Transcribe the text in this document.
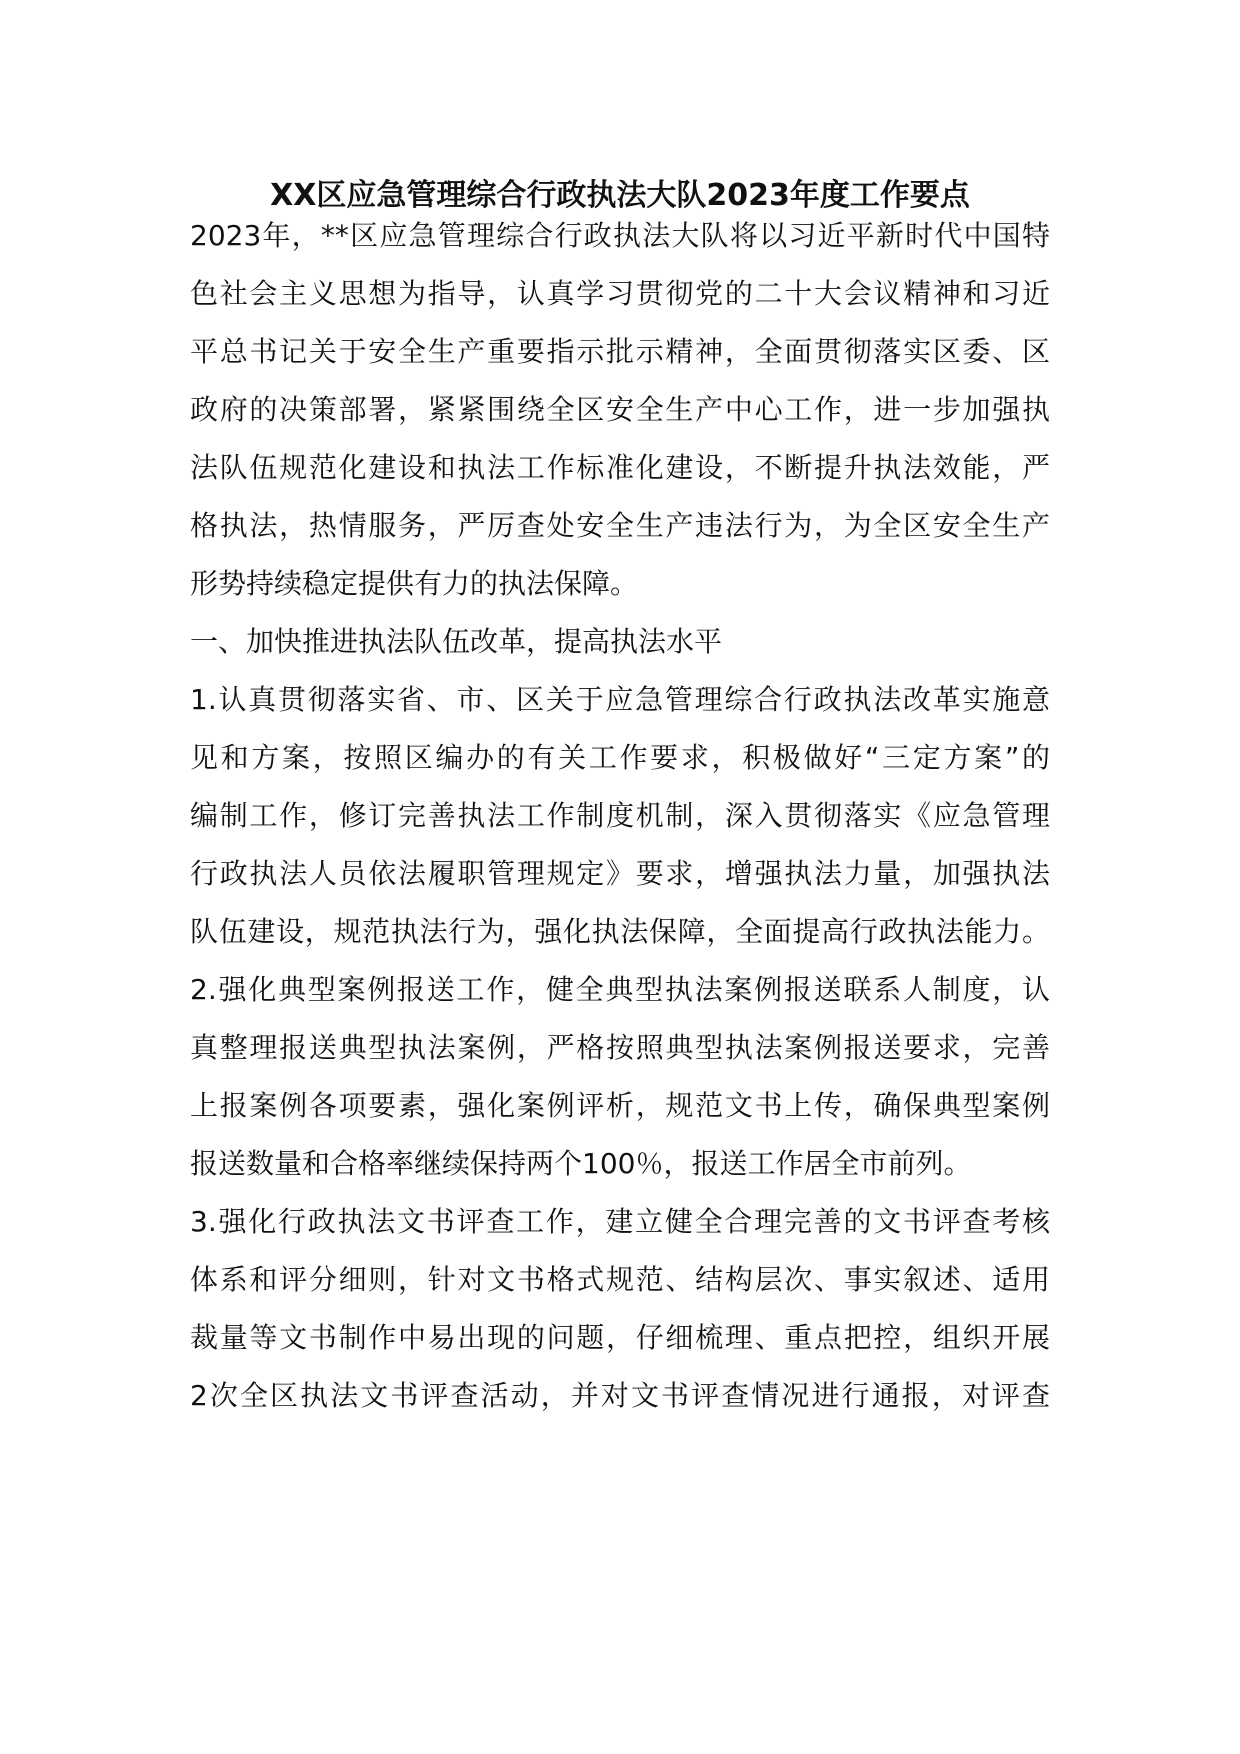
XX区应急管理综合行政执法大队2023年度工作要点

2023年，**区应急管理综合行政执法大队将以习近平新时代中国特

色社会主义思想为指导，认真学习贯彻党的二十大会议精神和习近

平总书记关于安全生产重要指示批示精神，全面贯彻落实区委、区

政府的决策部署，紧紧围绕全区安全生产中心工作，进一步加强执

法队伍规范化建设和执法工作标准化建设，不断提升执法效能，严

格执法，热情服务，严厉查处安全生产违法行为，为全区安全生产

形势持续稳定提供有力的执法保障。

一、加快推进执法队伍改革，提高执法水平

1.认真贯彻落实省、市、区关于应急管理综合行政执法改革实施意

见和方案，按照区编办的有关工作要求，积极做好“三定方案”的

编制工作，修订完善执法工作制度机制，深入贯彻落实《应急管理

行政执法人员依法履职管理规定》要求，增强执法力量，加强执法

队伍建设，规范执法行为，强化执法保障，全面提高行政执法能力。

2.强化典型案例报送工作，健全典型执法案例报送联系人制度，认

真整理报送典型执法案例，严格按照典型执法案例报送要求，完善

上报案例各项要素，强化案例评析，规范文书上传，确保典型案例

报送数量和合格率继续保持两个100％，报送工作居全市前列。

3.强化行政执法文书评查工作，建立健全合理完善的文书评查考核

体系和评分细则，针对文书格式规范、结构层次、事实叙述、适用

裁量等文书制作中易出现的问题，仔细梳理、重点把控，组织开展

2次全区执法文书评查活动，并对文书评查情况进行通报，对评查
